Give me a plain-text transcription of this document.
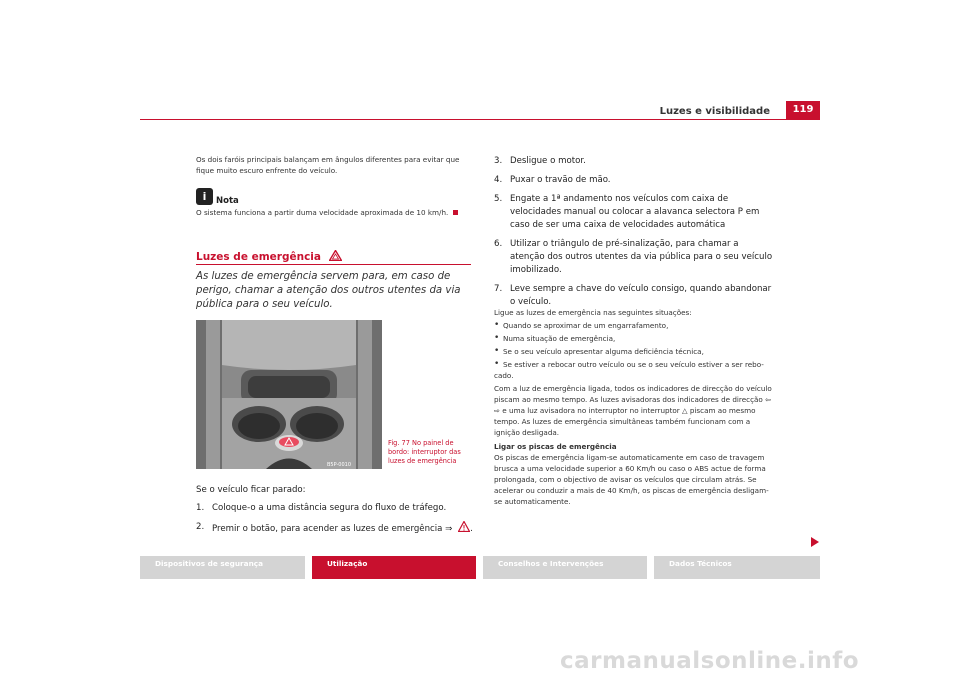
Luzes e visibilidade	119
Os dois faróis principais balançam em ângulos diferentes para evitar que fique muito escuro enfrente do veículo.
i	Nota
O sistema funciona a partir duma velocidade aproximada de 10 km/h.
Luzes de emergência
As luzes de emergência servem para, em caso de perigo, chamar a atenção dos outros utentes da via pública para o seu veículo.
B5P-0010
Fig. 77 No painel de bordo: interruptor das luzes de emergência
Se o veículo ficar parado:
1. Coloque-o a uma distância segura do fluxo de tráfego.
2. Premir o botão, para acender as luzes de emergência ⇒ .
3. Desligue o motor.
4. Puxar o travão de mão.
5. Engate a 1ª andamento nos veículos com caixa de velocidades manual ou colocar a alavanca selectora P em caso de ser uma caixa de velocidades automática
6. Utilizar o triângulo de pré-sinalização, para chamar a atenção dos outros utentes da via pública para o seu veículo imobilizado.
7. Leve sempre a chave do veículo consigo, quando abandonar o veículo.
Ligue as luzes de emergência nas seguintes situações:
• Quando se aproximar de um engarrafamento,
• Numa situação de emergência,
• Se o seu veículo apresentar alguma deficiência técnica,
• Se estiver a rebocar outro veículo ou se o seu veículo estiver a ser rebo-
cado.
Com a luz de emergência ligada, todos os indicadores de direcção do veículo piscam ao mesmo tempo. As luzes avisadoras dos indicadores de direcção ⇦ ⇨ e uma luz avisadora no interruptor no interruptor △ piscam ao mesmo tempo. As luzes de emergência simultâneas também funcionam com a ignição desligada.
Ligar os piscas de emergência
Os piscas de emergência ligam-se automaticamente em caso de travagem brusca a uma velocidade superior a 60 Km/h ou caso o ABS actue de forma prolongada, com o objectivo de avisar os veículos que circulam atrás. Se acelerar ou conduzir a mais de 40 Km/h, os piscas de emergência desligam-se automaticamente.
Dispositivos de segurança	Utilização	Conselhos e Intervenções	Dados Técnicos
carmanualsonline.info
